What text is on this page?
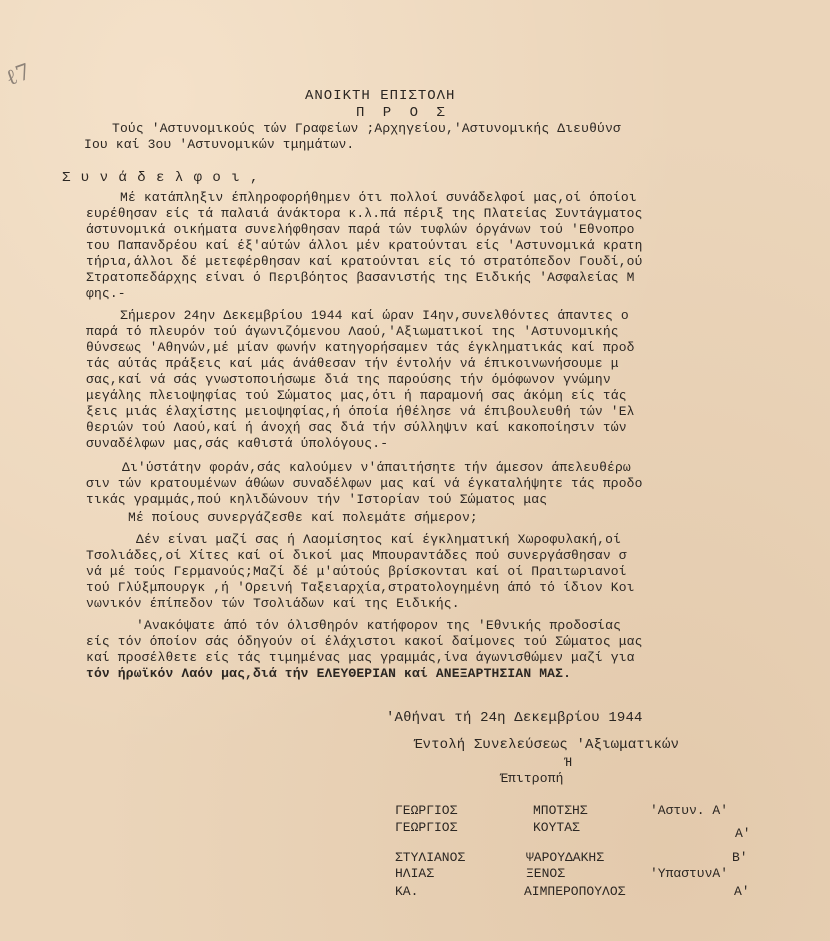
ℓ7
ΑΝΟΙΚΤΗ ΕΠΙΣΤΟΛΗ
Π Ρ Ο Σ
Τούς 'Αστυνομικούς τών Γραφείων ;Αρχηγείου,'Αστυνομικής Διευθύνσ
Ιου καί 3ου 'Αστυνομικών τμημάτων.
Σ υ ν ά δ ε λ φ ο ι ,
Μέ κατάπληξιν έπληροφορήθημεν ότι πολλοί συνάδελφοί μας,οί όποίοι
ευρέθησαν είς τά παλαιά άνάκτορα κ.λ.πά πέριξ της Πλατείας Συντάγματος
άστυνομικά οικήματα συνελήφθησαν παρά τών τυφλών όργάνων τού 'Εθνοπρο
του Παπανδρέου καί έξ'αύτών άλλοι μέν κρατούνται είς 'Αστυνομικά κρατη
τήρια,άλλοι δέ μετεφέρθησαν καί κρατούνται είς τό στρατόπεδον Γουδί,ού
Στρατοπεδάρχης είναι ό Περιβόητος βασανιστής της Ειδικής 'Ασφαλείας Μ
φης.-
Σήμερον 24ην Δεκεμβρίου 1944 καί ώραν Ι4ην,συνελθόντες άπαντες ο
παρά τό πλευρόν τού άγωνιζόμενου Λαού,'Αξιωματικοί της 'Αστυνομικής
θύνσεως 'Αθηνών,μέ μίαν φωνήν κατηγορήσαμεν τάς έγκληματικάς καί προδ
τάς αύτάς πράξεις καί μάς άνάθεσαν τήν έντολήν νά έπικοινωνήσουμε μ
σας,καί νά σάς γνωστοποιήσωμε διά της παρούσης τήν όμόφωνον γνώμην
μεγάλης πλειοψηφίας τού Σώματος μας,ότι ή παραμονή σας άκόμη είς τάς
ξεις μιάς έλαχίστης μειοψηφίας,ή όποία ήθέλησε νά έπιβουλευθή τών 'Ελ
θεριών τού Λαού,καί ή άνοχή σας διά τήν σύλληψιν καί κακοποίησιν τών
συναδέλφων μας,σάς καθιστά ύπολόγους.-
Δι'ύστάτην φοράν,σάς καλούμεν ν'άπαιτήσητε τήν άμεσον άπελευθέρω
σιν τών κρατουμένων άθώων συναδέλφων μας καί νά έγκαταλήψητε τάς προδο
τικάς γραμμάς,πού κηλιδώνουν τήν 'Ιστορίαν τού Σώματος μας
Μέ ποίους συνεργάζεσθε καί πολεμάτε σήμερον;
Δέν είναι μαζί σας ή Λαομίσητος καί έγκληματική Χωροφυλακή,οί
Τσολιάδες,οί Χίτες καί οί δικοί μας Μπουραντάδες πού συνεργάσθησαν σ
νά μέ τούς Γερμανούς;Μαζί δέ μ'αύτούς βρίσκονται καί οί Πραιτωριανοί
τού Γλύξμπουργκ ,ή 'Ορεινή Ταξειαρχία,στρατολογημένη άπό τό ίδιον Κοι
νωνικόν έπίπεδον τών Τσολιάδων καί της Ειδικής.
'Ανακόψατε άπό τόν όλισθηρόν κατήφορον της 'Εθνικής προδοσίας
είς τόν όποίον σάς όδηγούν οί έλάχιστοι κακοί δαίμονες τού Σώματος μας
καί προσέλθετε είς τάς τιμημένας μας γραμμάς,ίνα άγωνισθώμεν μαζί για
τόν ήρωϊκόν Λαόν μας,διά τήν ΕΛΕΥΘΕΡΙΑΝ καί ΑΝΕΞΑΡΤΗΣΙΑΝ ΜΑΣ.
'Αθήναι τή 24η Δεκεμβρίου 1944
Έντολή Συνελεύσεως 'Αξιωματικών
Ή
Έπιτροπή
ΓΕΩΡΓΙΟΣ	ΜΠΟΤΣΗΣ	'Αστυν. Α'
ΓΕΩΡΓΙΟΣ	ΚΟΥΤΑΣ	Α'
ΣΤΥΛΙΑΝΟΣ	ΨΑΡΟΥΔΑΚΗΣ	Β'
ΗΛΙΑΣ	ΞΕΝΟΣ	'ΥπαστυνΑ'
ΚΑ.	ΑΙΜΠΕΡΟΠΟΥΛΟΣ	Α'
